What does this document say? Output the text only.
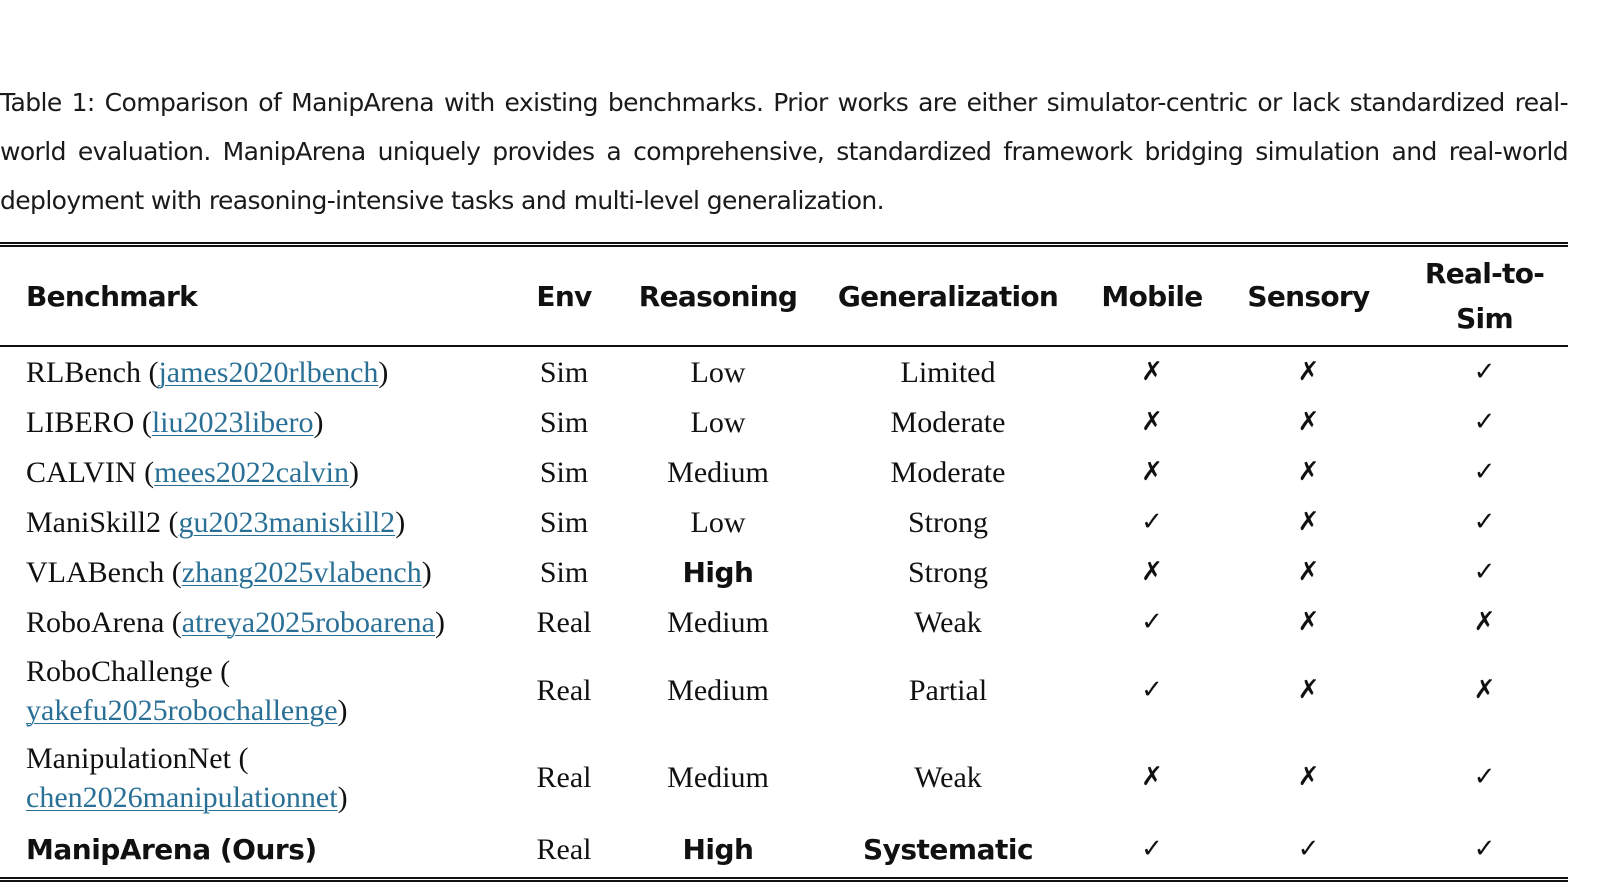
Table 1: Comparison of ManipArena with existing benchmarks. Prior works are either simulator-centric or lack standardized real-world evaluation. ManipArena uniquely provides a comprehensive, standardized framework bridging simulation and real-world deployment with reasoning-intensive tasks and multi-level generalization.

Benchmark	Env	Reasoning	Generalization	Mobile	Sensory	Real-to-Sim
RLBench (james2020rlbench)	Sim	Low	Limited	✗	✗	✓
LIBERO (liu2023libero)	Sim	Low	Moderate	✗	✗	✓
CALVIN (mees2022calvin)	Sim	Medium	Moderate	✗	✗	✓
ManiSkill2 (gu2023maniskill2)	Sim	Low	Strong	✓	✗	✓
VLABench (zhang2025vlabench)	Sim	High	Strong	✗	✗	✓
RoboArena (atreya2025roboarena)	Real	Medium	Weak	✓	✗	✗
RoboChallenge (
yakefu2025robochallenge)	Real	Medium	Partial	✓	✗	✗
ManipulationNet (
chen2026manipulationnet)	Real	Medium	Weak	✗	✗	✓
ManipArena (Ours)	Real	High	Systematic	✓	✓	✓
